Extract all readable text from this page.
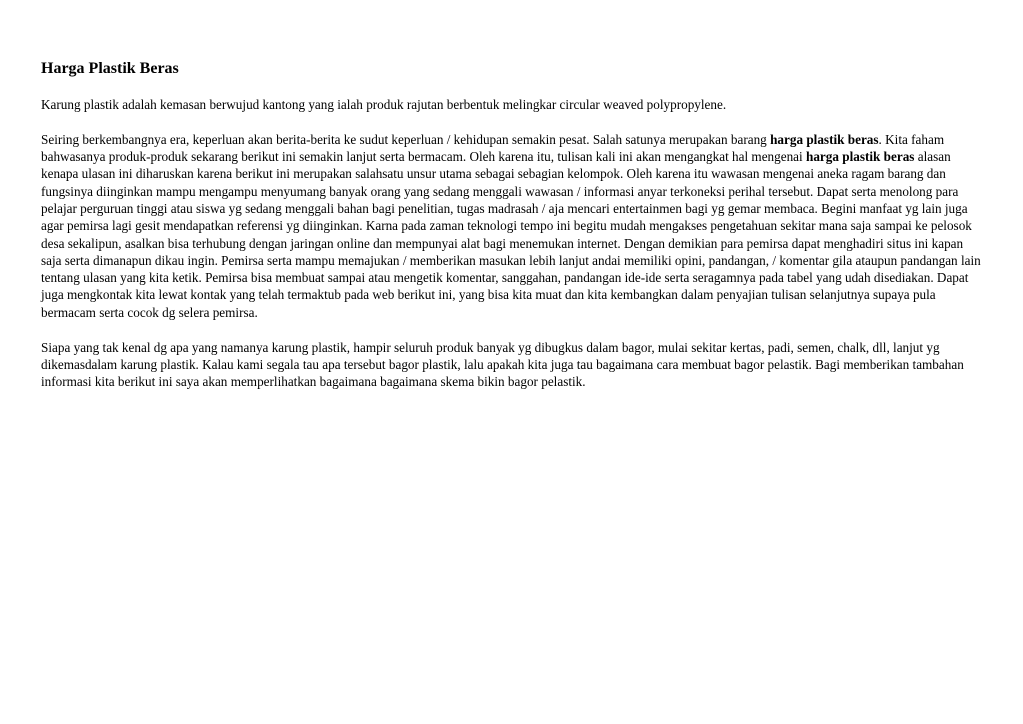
Harga Plastik Beras

Karung plastik adalah kemasan berwujud kantong yang ialah produk rajutan berbentuk melingkar circular weaved polypropylene.

Seiring berkembangnya era, keperluan akan berita-berita ke sudut keperluan / kehidupan semakin pesat. Salah satunya merupakan barang harga plastik beras. Kita faham bahwasanya produk-produk sekarang berikut ini semakin lanjut serta bermacam. Oleh karena itu, tulisan kali ini akan mengangkat hal mengenai harga plastik beras alasan kenapa ulasan ini diharuskan karena berikut ini merupakan salahsatu unsur utama sebagai sebagian kelompok. Oleh karena itu wawasan mengenai aneka ragam barang dan fungsinya diinginkan mampu mengampu menyumang banyak orang yang sedang menggali wawasan / informasi anyar terkoneksi perihal tersebut. Dapat serta menolong para pelajar perguruan tinggi atau siswa yg sedang menggali bahan bagi penelitian, tugas madrasah / aja mencari entertainmen bagi yg gemar membaca. Begini manfaat yg lain juga agar pemirsa lagi gesit mendapatkan referensi yg diinginkan. Karna pada zaman teknologi tempo ini begitu mudah mengakses pengetahuan sekitar mana saja sampai ke pelosok desa sekalipun, asalkan bisa terhubung dengan jaringan online dan mempunyai alat bagi menemukan internet. Dengan demikian para pemirsa dapat menghadiri situs ini kapan saja serta dimanapun dikau ingin. Pemirsa serta mampu memajukan / memberikan masukan lebih lanjut andai memiliki opini, pandangan, / komentar gila ataupun pandangan lain tentang ulasan yang kita ketik. Pemirsa bisa membuat sampai atau mengetik komentar, sanggahan, pandangan ide-ide serta seragamnya pada tabel yang udah disediakan. Dapat juga mengkontak kita lewat kontak yang telah termaktub pada web berikut ini, yang bisa kita muat dan kita kembangkan dalam penyajian tulisan selanjutnya supaya pula bermacam serta cocok dg selera pemirsa.

Siapa yang tak kenal dg apa yang namanya karung plastik, hampir seluruh produk banyak yg dibugkus dalam bagor, mulai sekitar kertas, padi, semen, chalk, dll, lanjut yg dikemasdalam karung plastik. Kalau kami segala tau apa tersebut bagor plastik, lalu apakah kita juga tau bagaimana cara membuat bagor pelastik. Bagi memberikan tambahan informasi kita berikut ini saya akan memperlihatkan bagaimana bagaimana skema bikin bagor pelastik.
